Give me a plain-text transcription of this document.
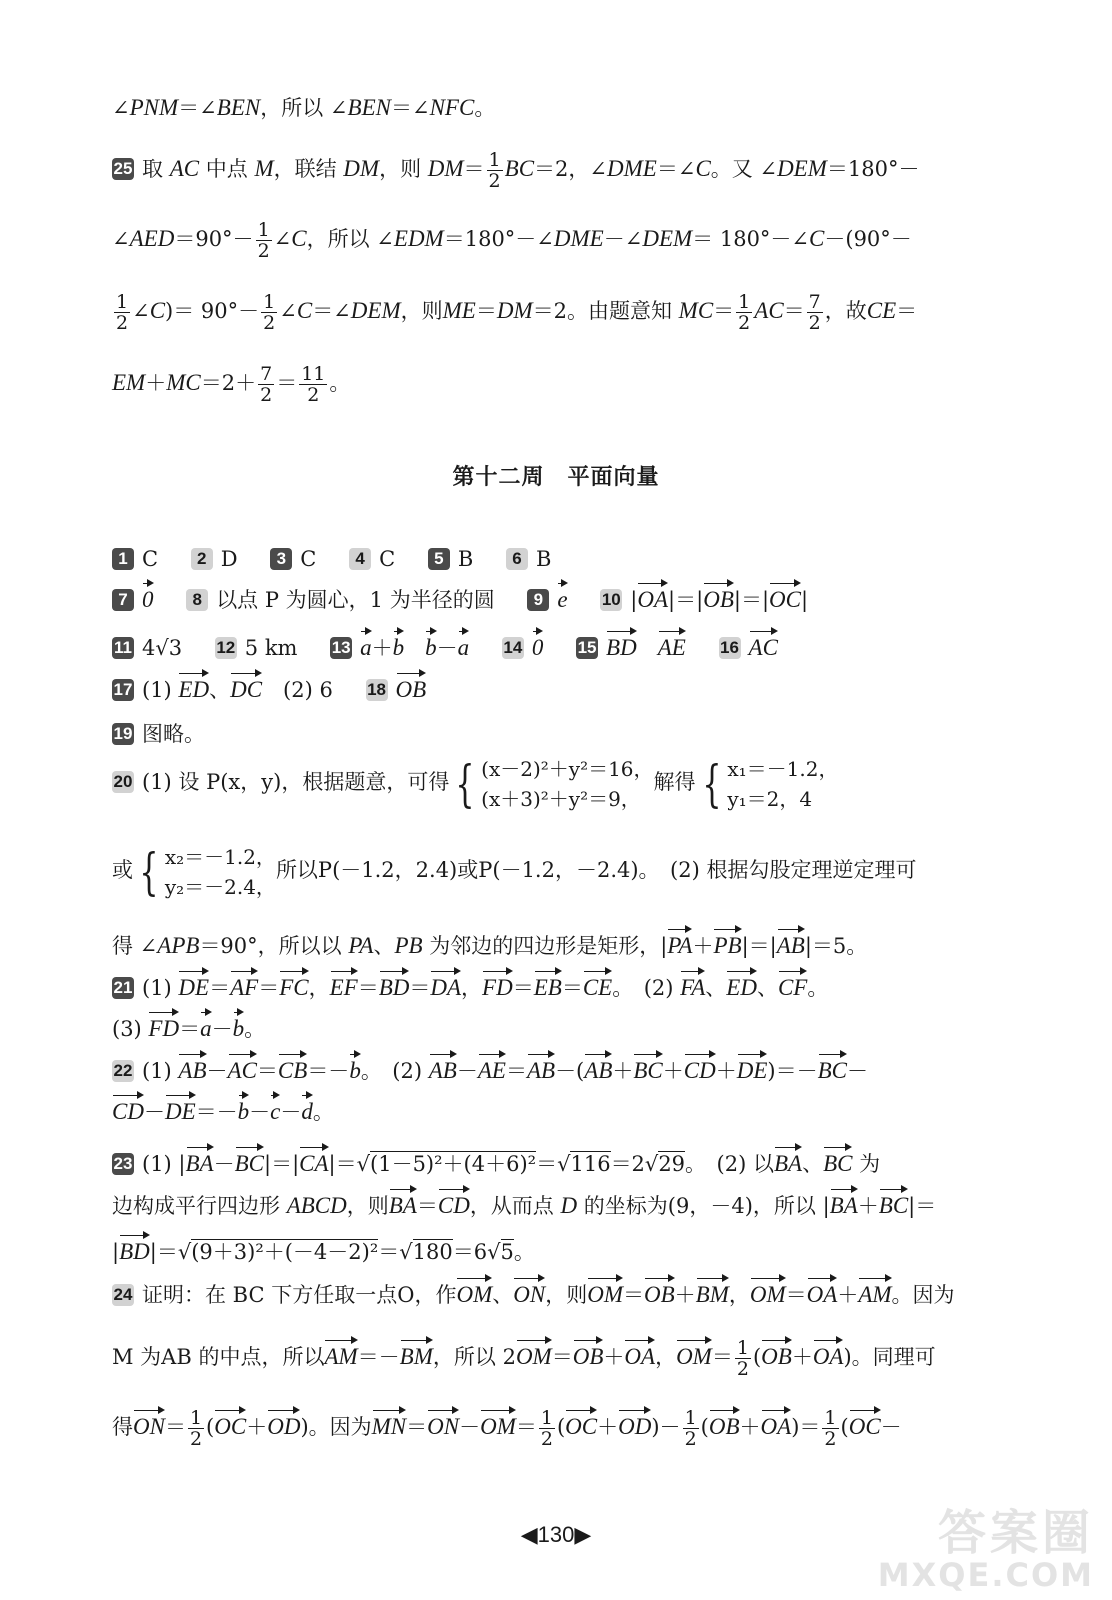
∠PNM＝∠BEN，所以 ∠BEN＝∠NFC。
25 取 AC 中点 M，联结 DM，则 $DM= \frac{1}{2} BC=2$，∠DME＝∠C。又 ∠DEM＝180°－
∠AED＝90°－ $\frac{1}{2}$ ∠C，所以 ∠EDM＝180°－∠DME－∠DEM＝ 180°－∠C－(90°－
$\frac{1}{2}$ ∠C)＝ $90^\circ- \frac{1}{2}$ ∠C＝∠DEM，则ME＝DM＝2。由题意知 $MC= \frac{1}{2} AC= \frac{7}{2}$ ，故CE＝
$EM+MC=2+ \frac{7}{2} = \frac{11}{2}$ 。
第十二周　平面向量
1 C 2 D 3 C 4 C 5 B 6 B
7 0 8 以点 P 为圆心，1 为半径的圆 9 e 10 |OA|＝|OB|＝|OC|
11 4√3 12 5 km 13 a＋b　 b－a 14 0 15 BD　 AE 16 AC
17 (1) ED、DC　(2) 6 18 OB
19 图略。
20 (1) 设 P(x，y)，根据题意，可得 { (x－2)²＋y²＝16，
(x＋3)²＋y²＝9，
解得 { x₁＝－1.2，
y₁＝2，4
或 { x₂＝－1.2，
y₂＝－2.4，
所以P(－1.2，2.4)或P(－1.2，－2.4)。　(2) 根据勾股定理逆定理可
得 ∠APB＝90°，所以以 PA、PB 为邻边的四边形是矩形，|PA＋PB|＝|AB|＝5。
21 (1) DE＝AF＝FC，EF＝BD＝DA，FD＝EB＝CE。　(2) FA、ED、CF。
(3) FD＝a－b。
22 (1) AB－AC＝CB＝－b。　(2) AB－AE＝AB－(AB＋BC＋CD＋DE)＝－BC－
CD－DE＝－b－c－d。
23 (1) |BA－BC|＝|CA|＝√(1－5)²＋(4＋6)²＝√116＝2√29。　(2) 以BA、BC 为
边构成平行四边形 ABCD，则BA＝CD，从而点 D 的坐标为(9，－4)，所以 |BA＋BC|＝
|BD|＝√(9＋3)²＋(－4－2)²＝√180＝6√5。
24 证明：在 BC 下方任取一点O，作OM、ON，则OM＝OB＋BM，OM＝OA＋AM。因为
M 为AB 的中点，所以AM＝－BM，所以 2OM＝OB＋OA，$OM= \frac{1}{2} (OB+OA)$。同理可
得$ON= \frac{1}{2} (OC+OD)$。因为$MN=ON-OM= \frac{1}{2} (OC+OD)- \frac{1}{2} (OB+OA)= \frac{1}{2} (OC-$
◀130▶	答案圈
MXQE.COM
